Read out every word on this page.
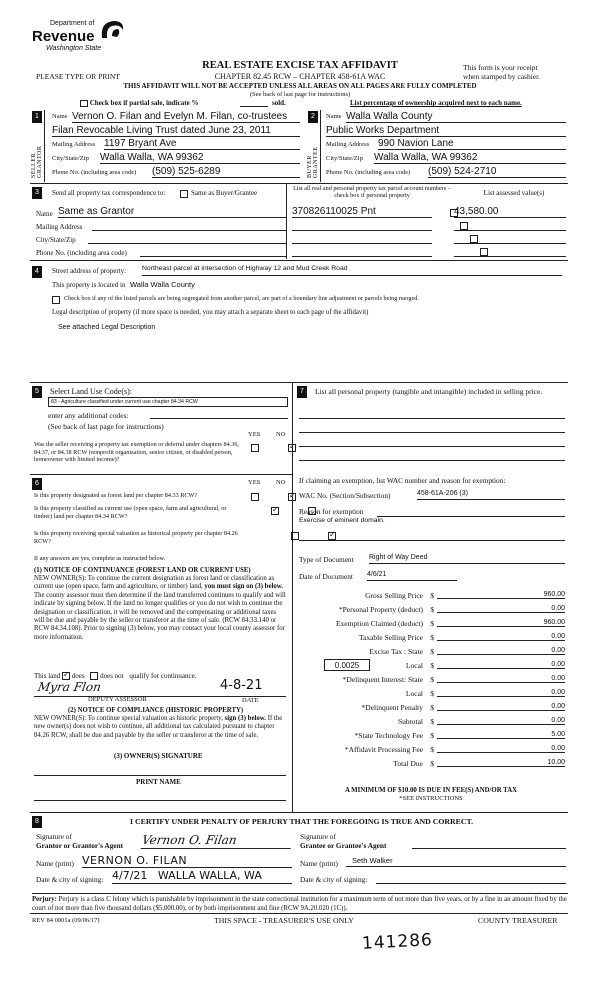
Department of
Revenue
Washington State
PLEASE TYPE OR PRINT
REAL ESTATE EXCISE TAX AFFIDAVIT
CHAPTER 82.45 RCW – CHAPTER 458-61A WAC
THIS AFFIDAVIT WILL NOT BE ACCEPTED UNLESS ALL AREAS ON ALL PAGES ARE FULLY COMPLETED
(See back of last page for instructions)
This form is your receipt
when stamped by cashier.
Check box if partial sale, indicate %	sold.	List percentage of ownership acquired next to each name.
1
SELLER GRANTOR
Name Vernon O. Filan and Evelyn M. Filan, co-trustees
Filan Revocable Living Trust dated June 23, 2011
Mailing Address 1197 Bryant Ave
City/State/Zip Walla Walla, WA 99362
Phone No. (including area code) (509) 525-6289
2
BUYER GRANTEE
Name Walla Walla County
Public Works Department
Mailing Address 990 Navion Lane
City/State/Zip Walla Walla, WA 99362
Phone No. (including area code) (509) 524-2710
3	Send all property tax correspondence to:
	Same as Buyer/Grantee
Name Same as Grantor
Mailing Address
City/State/Zip
Phone No. (including area code)
List all real and personal property tax parcel account numbers – check box if personal property	List assessed value(s)
370826110025 Pnt
	43,580.00

4	Street address of property: Northeast parcel at intersection of Highway 12 and Mud Creek Road
This property is located in Walla Walla County
Check box if any of the listed parcels are being segregated from another parcel, are part of a boundary line adjustment or parcels being merged.
Legal description of property (if more space is needed, you may attach a separate sheet to each page of the affidavit)
See attached Legal Description
5	Select Land Use Code(s):
83 - Agriculture classified under current use chapter 84.34 RCW
enter any additional codes:
(See back of last page for instructions)
YES NO
Was the seller receiving a property tax exemption or deferral under chapters 84.36, 84.37, or 84.38 RCW (nonprofit organization, senior citizen, or disabled person, homeowner with limited income)?
✓
6	YES NO
Is this property designated as forest land per chapter 84.33 RCW?
✓
Is this property classified as current use (open space, farm and agricultural, or timber) land per chapter 84.34 RCW?
✓
Is this property receiving special valuation as historical property per chapter 84.26 RCW?
✓
If any answers are yes, complete as instructed below.
(1) NOTICE OF CONTINUANCE (FOREST LAND OR CURRENT USE)
NEW OWNER(S): To continue the current designation as forest land or classification as current use (open space, farm and agriculture, or timber) land, you must sign on (3) below. The county assessor must then determine if the land transferred continues to qualify and will indicate by signing below. If the land no longer qualifies or you do not wish to continue the designation or classification, it will be removed and the compensating or additional taxes will be due and payable by the seller or transferor at the time of sale. (RCW 84.33.140 or RCW 84.34.108). Prior to signing (3) below, you may contact your local county assessor for more information.
This land ✓ does does not qualify for continuance.
Myra Flon	4-8-21
DEPUTY ASSESSOR	DATE
(2) NOTICE OF COMPLIANCE (HISTORIC PROPERTY)
NEW OWNER(S): To continue special valuation as historic property, sign (3) below. If the new owner(s) does not wish to continue, all additional tax calculated pursuant to chapter 84.26 RCW, shall be due and payable by the seller or transferor at the time of sale.
(3) OWNER(S) SIGNATURE
PRINT NAME
7	List all personal property (tangible and intangible) included in selling price.
If claiming an exemption, list WAC number and reason for exemption:
WAC No. (Section/Subsection)	458-61A-206 (3)
Reason for exemption
Exercise of eminent domain.
Type of Document Right of Way Deed
Date of Document 4/6/21
A MINIMUM OF $10.00 IS DUE IN FEE(S) AND/OR TAX
*SEE INSTRUCTIONS
Gross Selling Price $	960.00
*Personal Property (deduct) $	0.00
Exemption Claimed (deduct) $	960.00
Taxable Selling Price $	0.00
Excise Tax : State $	0.00
0.0025	Local $	0.00
*Delinquent Interest: State $	0.00
Local $	0.00
*Delinquent Penalty $	0.00
Subtotal $	0.00
*State Technology Fee $	5.00
*Affidavit Processing Fee $	0.00
Total Due $	10.00
8	I CERTIFY UNDER PENALTY OF PERJURY THAT THE FOREGOING IS TRUE AND CORRECT.
Signature of
Grantor or Grantor's Agent Vernon O. Filan
Name (print) VERNON O. FILAN
Date & city of signing: 4/7/21   WALLA WALLA, WA
Signature of
Grantee or Grantee's Agent
Name (print)	Seth Walker
Date & city of signing:
Perjury: Perjury is a class C felony which is punishable by imprisonment in the state correctional institution for a maximum term of not more than five years, or by a fine in an amount fixed by the court of not more than five thousand dollars ($5,000.00), or by both imprisonment and fine (RCW 9A.20.020 (1C)).
REV 84 0001a (09/06/17)	THIS SPACE - TREASURER'S USE ONLY	COUNTY TREASURER
141286
